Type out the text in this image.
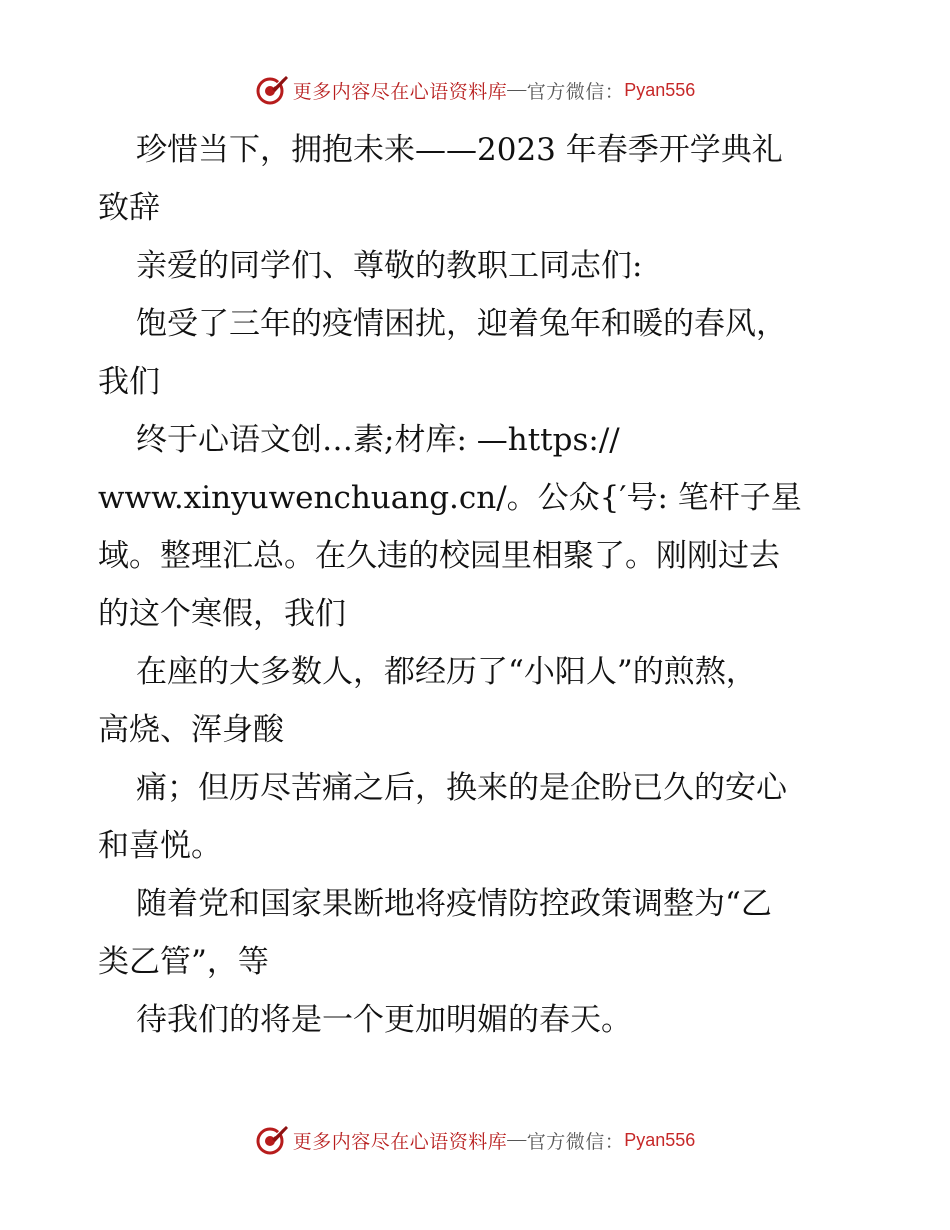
更多内容尽在心语资料库 — 官方微信： Pyan556
珍惜当下，拥抱未来——2023 年春季开学典礼
致辞
亲爱的同学们、尊敬的教职工同志们:
饱受了三年的疫情困扰，迎着兔年和暖的春风，
我们
终于心语文创…素;材库: —https://
www.xinyuwenchuang.cn/。公众{′号: 笔杆子星
域。整理汇总。在久违的校园里相聚了。刚刚过去
的这个寒假，我们
在座的大多数人，都经历了“小阳人”的煎熬，
高烧、浑身酸
痛；但历尽苦痛之后，换来的是企盼已久的安心
和喜悦。
随着党和国家果断地将疫情防控政策调整为“乙
类乙管”，等
待我们的将是一个更加明媚的春天。
更多内容尽在心语资料库 — 官方微信： Pyan556
